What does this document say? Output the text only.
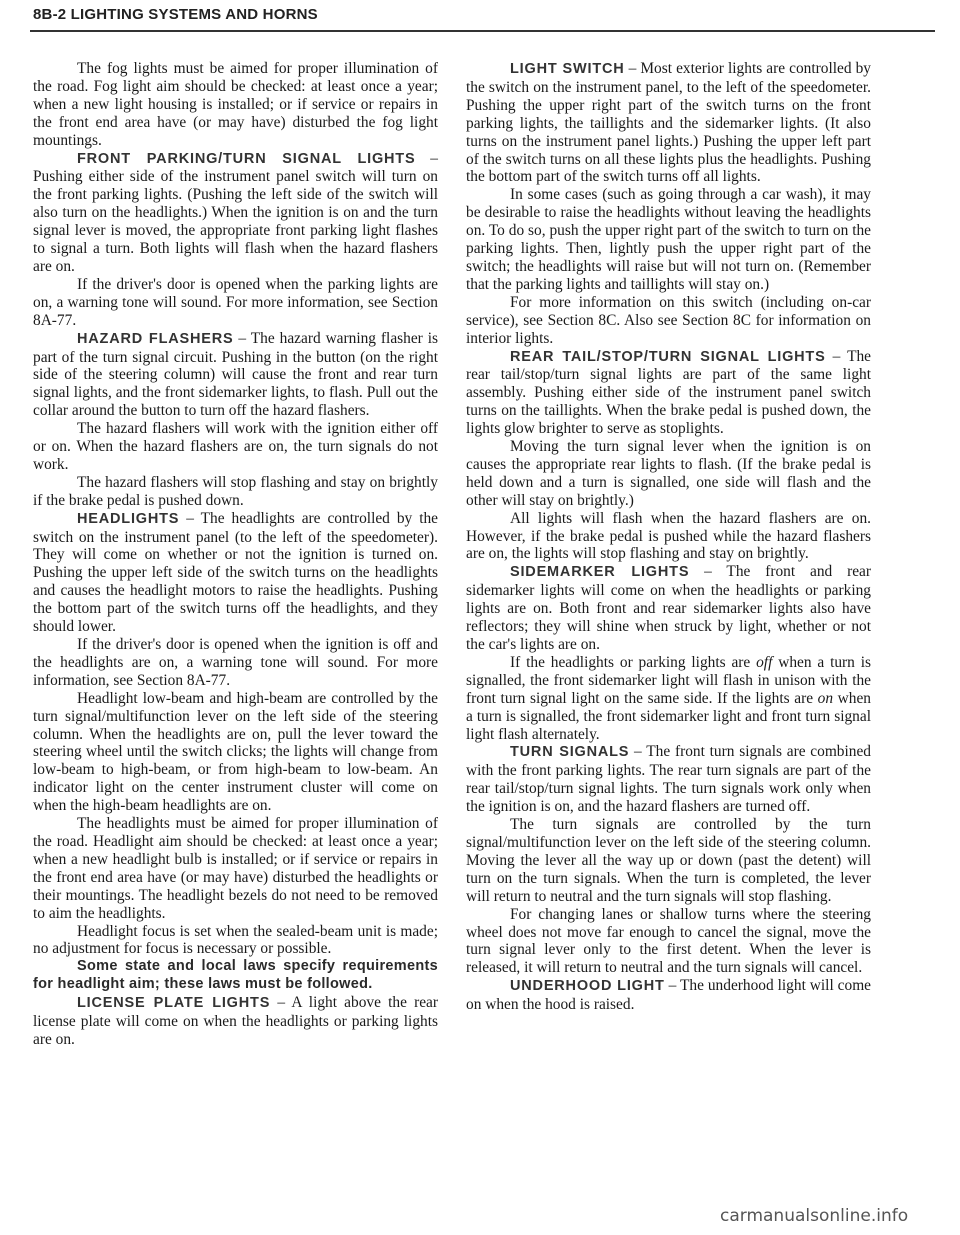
8B-2 LIGHTING SYSTEMS AND HORNS

The fog lights must be aimed for proper illumination of the road. Fog light aim should be checked: at least once a year; when a new light housing is installed; or if service or repairs in the front end area have (or may have) disturbed the fog light mountings.

FRONT PARKING/TURN SIGNAL LIGHTS – Pushing either side of the instrument panel switch will turn on the front parking lights. (Pushing the left side of the switch will also turn on the headlights.) When the ignition is on and the turn signal lever is moved, the appropriate front parking light flashes to signal a turn. Both lights will flash when the hazard flashers are on.

If the driver's door is opened when the parking lights are on, a warning tone will sound. For more information, see Section 8A-77.

HAZARD FLASHERS – The hazard warning flasher is part of the turn signal circuit. Pushing in the button (on the right side of the steering column) will cause the front and rear turn signal lights, and the front sidemarker lights, to flash. Pull out the collar around the button to turn off the hazard flashers.

The hazard flashers will work with the ignition either off or on. When the hazard flashers are on, the turn signals do not work.

The hazard flashers will stop flashing and stay on brightly if the brake pedal is pushed down.

HEADLIGHTS – The headlights are controlled by the switch on the instrument panel (to the left of the speedometer). They will come on whether or not the ignition is turned on. Pushing the upper left side of the switch turns on the headlights and causes the headlight motors to raise the headlights. Pushing the bottom part of the switch turns off the headlights, and they should lower.

If the driver's door is opened when the ignition is off and the headlights are on, a warning tone will sound. For more information, see Section 8A-77.

Headlight low-beam and high-beam are controlled by the turn signal/multifunction lever on the left side of the steering column. When the headlights are on, pull the lever toward the steering wheel until the switch clicks; the lights will change from low-beam to high-beam, or from high-beam to low-beam. An indicator light on the center instrument cluster will come on when the high-beam headlights are on.

The headlights must be aimed for proper illumination of the road. Headlight aim should be checked: at least once a year; when a new headlight bulb is installed; or if service or repairs in the front end area have (or may have) disturbed the headlights or their mountings. The headlight bezels do not need to be removed to aim the headlights.

Headlight focus is set when the sealed-beam unit is made; no adjustment for focus is necessary or possible.

Some state and local laws specify requirements for headlight aim; these laws must be followed.

LICENSE PLATE LIGHTS – A light above the rear license plate will come on when the headlights or parking lights are on.

LIGHT SWITCH – Most exterior lights are controlled by the switch on the instrument panel, to the left of the speedometer. Pushing the upper right part of the switch turns on the front parking lights, the taillights and the sidemarker lights. (It also turns on the instrument panel lights.) Pushing the upper left part of the switch turns on all these lights plus the headlights. Pushing the bottom part of the switch turns off all lights.

In some cases (such as going through a car wash), it may be desirable to raise the headlights without leaving the headlights on. To do so, push the upper right part of the switch to turn on the parking lights. Then, lightly push the upper right part of the switch; the headlights will raise but will not turn on. (Remember that the parking lights and taillights will stay on.)

For more information on this switch (including on-car service), see Section 8C. Also see Section 8C for information on interior lights.

REAR TAIL/STOP/TURN SIGNAL LIGHTS – The rear tail/stop/turn signal lights are part of the same light assembly. Pushing either side of the instrument panel switch turns on the taillights. When the brake pedal is pushed down, the lights glow brighter to serve as stoplights.

Moving the turn signal lever when the ignition is on causes the appropriate rear lights to flash. (If the brake pedal is held down and a turn is signalled, one side will flash and the other will stay on brightly.)

All lights will flash when the hazard flashers are on. However, if the brake pedal is pushed while the hazard flashers are on, the lights will stop flashing and stay on brightly.

SIDEMARKER LIGHTS – The front and rear sidemarker lights will come on when the headlights or parking lights are on. Both front and rear sidemarker lights also have reflectors; they will shine when struck by light, whether or not the car's lights are on.

If the headlights or parking lights are off when a turn is signalled, the front sidemarker light will flash in unison with the front turn signal light on the same side. If the lights are on when a turn is signalled, the front sidemarker light and front turn signal light flash alternately.

TURN SIGNALS – The front turn signals are combined with the front parking lights. The rear turn signals are part of the rear tail/stop/turn signal lights. The turn signals work only when the ignition is on, and the hazard flashers are turned off.

The turn signals are controlled by the turn signal/multifunction lever on the left side of the steering column. Moving the lever all the way up or down (past the detent) will turn on the turn signals. When the turn is completed, the lever will return to neutral and the turn signals will stop flashing.

For changing lanes or shallow turns where the steering wheel does not move far enough to cancel the signal, move the turn signal lever only to the first detent. When the lever is released, it will return to neutral and the turn signals will cancel.

UNDERHOOD LIGHT – The underhood light will come on when the hood is raised.

carmanualsonline.info
